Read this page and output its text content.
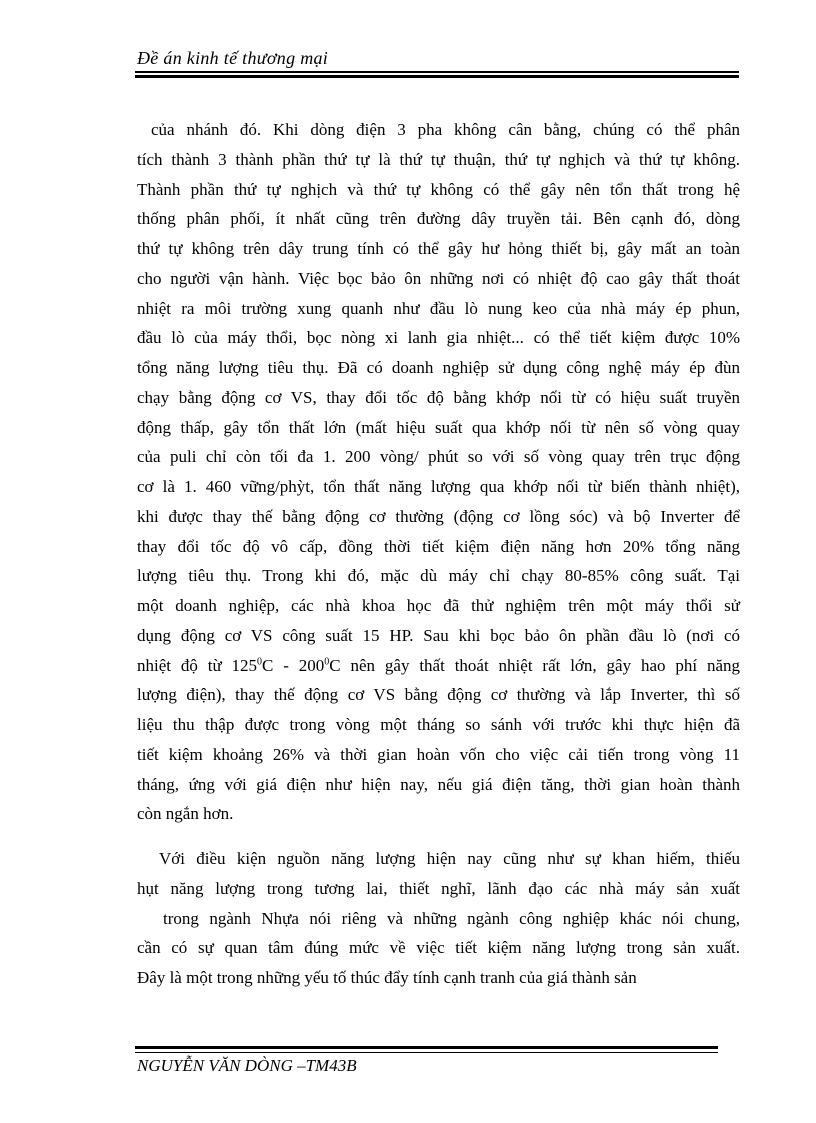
Đề án kinh tế thương mại
của nhánh đó. Khi dòng điện 3 pha không cân bằng, chúng có thể phân
tích thành 3 thành phần thứ tự là thứ tự thuận, thứ tự nghịch và thứ tự không.
Thành phần thứ tự nghịch và thứ tự không có thể gây nên tổn thất trong hệ
thống phân phối, ít nhất cũng trên đường dây truyền tải. Bên cạnh đó, dòng
thứ tự không trên dây trung tính có thể gây hư hỏng thiết bị, gây mất an toàn
cho người vận hành. Việc bọc bảo ôn những nơi có nhiệt độ cao gây thất thoát
nhiệt ra môi trường xung quanh như đầu lò nung keo của nhà máy ép phun,
đầu lò của máy thổi, bọc nòng xi lanh gia nhiệt... có thể tiết kiệm được 10%
tổng năng lượng tiêu thụ. Đã có doanh nghiệp sử dụng công nghệ máy ép đùn
chạy bằng động cơ VS, thay đổi tốc độ bằng khớp nối từ có hiệu suất truyền
động thấp, gây tổn thất lớn (mất hiệu suất qua khớp nối từ nên số vòng quay
của puli chỉ còn tối đa 1. 200 vòng/ phút so với số vòng quay trên trục động
cơ là 1. 460 vững/phỳt, tổn thất năng lượng qua khớp nối từ biến thành nhiệt),
khi được thay thế bằng động cơ thường (động cơ lồng sóc) và bộ Inverter để
thay đổi tốc độ vô cấp, đồng thời tiết kiệm điện năng hơn 20% tổng năng
lượng tiêu thụ. Trong khi đó, mặc dù máy chỉ chạy 80-85% công suất. Tại
một doanh nghiệp, các nhà khoa học đã thử nghiệm trên một máy thổi sử
dụng động cơ VS công suất 15 HP. Sau khi bọc bảo ôn phần đầu lò (nơi có
nhiệt độ từ $125^0C - 200^0C$ nên gây thất thoát nhiệt rất lớn, gây hao phí năng
lượng điện), thay thế động cơ VS bằng động cơ thường và lắp Inverter, thì số
liệu thu thập được trong vòng một tháng so sánh với trước khi thực hiện đã
tiết kiệm khoảng 26% và thời gian hoàn vốn cho việc cải tiến trong vòng 11
tháng, ứng với giá điện như hiện nay, nếu giá điện tăng, thời gian hoàn thành
còn ngắn hơn.
Với điều kiện nguồn năng lượng hiện nay cũng như sự khan hiếm, thiếu
hụt năng lượng trong tương lai, thiết nghĩ, lãnh đạo các nhà máy sản xuất
trong ngành Nhựa nói riêng và những ngành công nghiệp khác nói chung,
cần có sự quan tâm đúng mức về việc tiết kiệm năng lượng trong sản xuất.
Đây là một trong những yếu tố thúc đẩy tính cạnh tranh của giá thành sản
NGUYỄN VĂN DÒNG –TM43B
